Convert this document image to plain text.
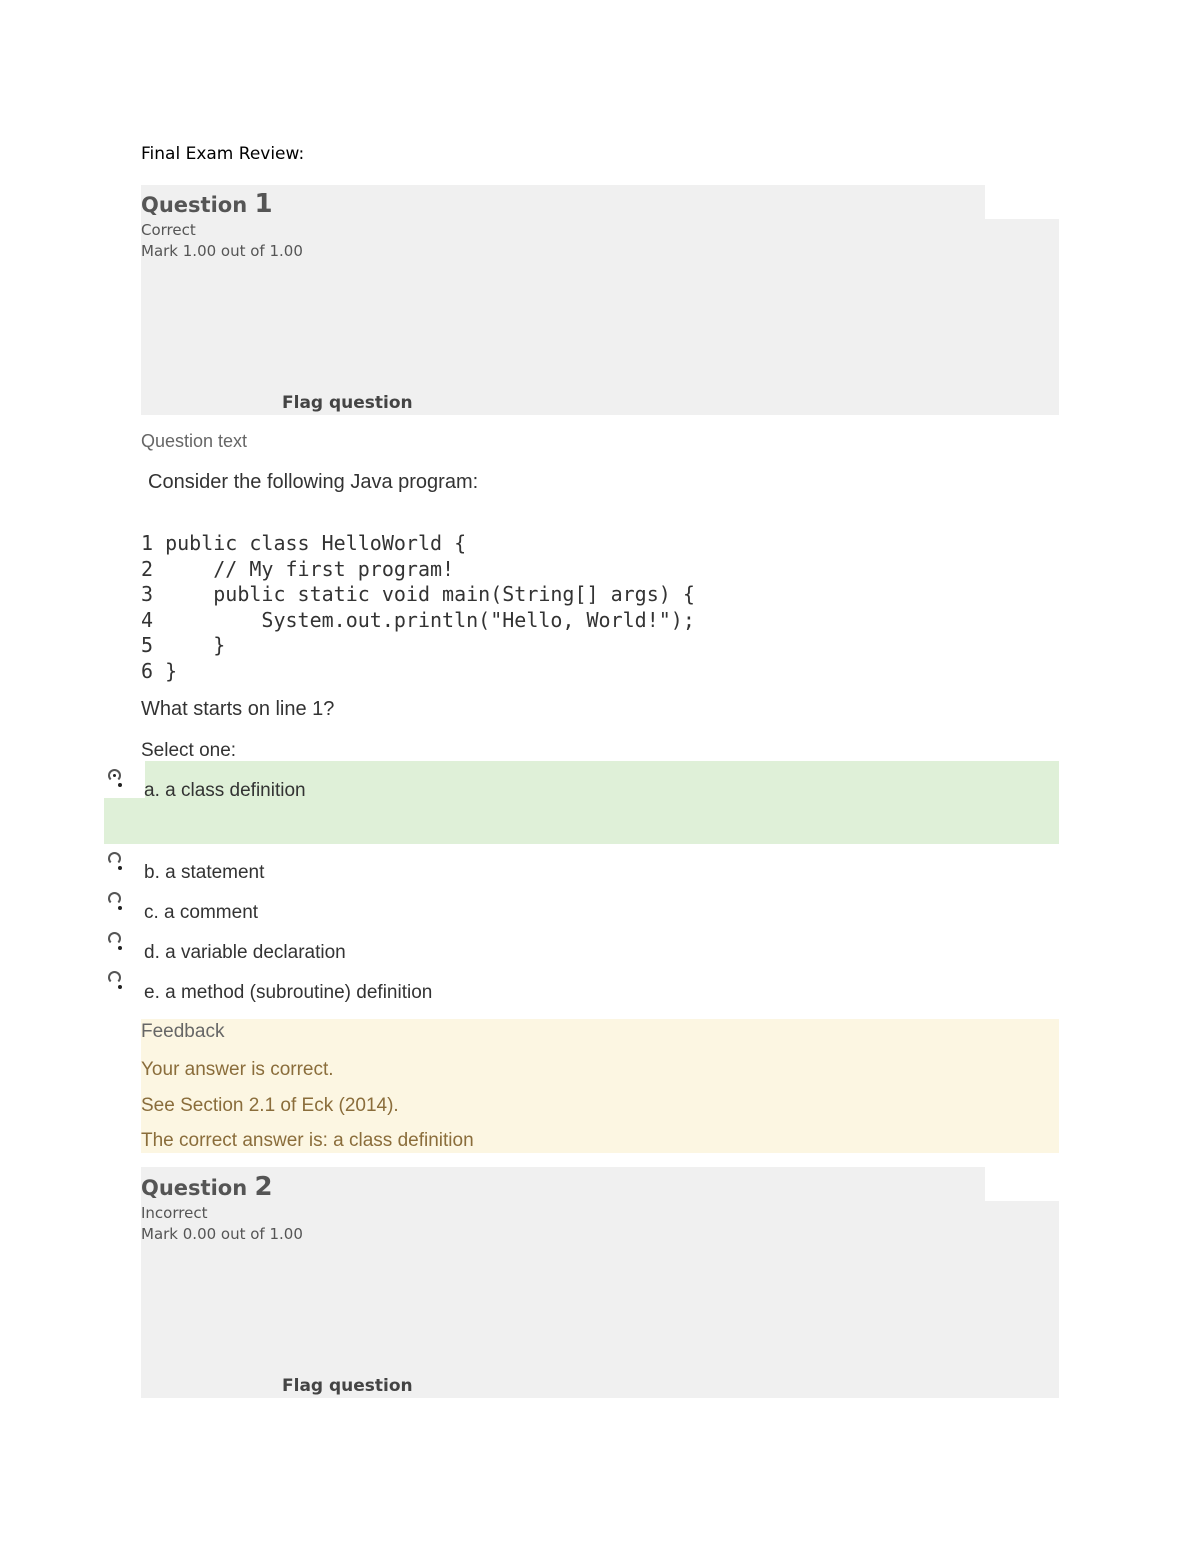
Final Exam Review:
Question 1
Correct
Mark 1.00 out of 1.00
Flag question
Question text
Consider the following Java program:
1 public class HelloWorld {
2     // My first program!
3     public static void main(String[] args) {
4         System.out.println("Hello, World!");
5     }
6 }
What starts on line 1?
Select one:
a. a class definition
b. a statement
c. a comment
d. a variable declaration
e. a method (subroutine) definition
Feedback
Your answer is correct.
See Section 2.1 of Eck (2014).
The correct answer is: a class definition
Question 2
Incorrect
Mark 0.00 out of 1.00
Flag question
